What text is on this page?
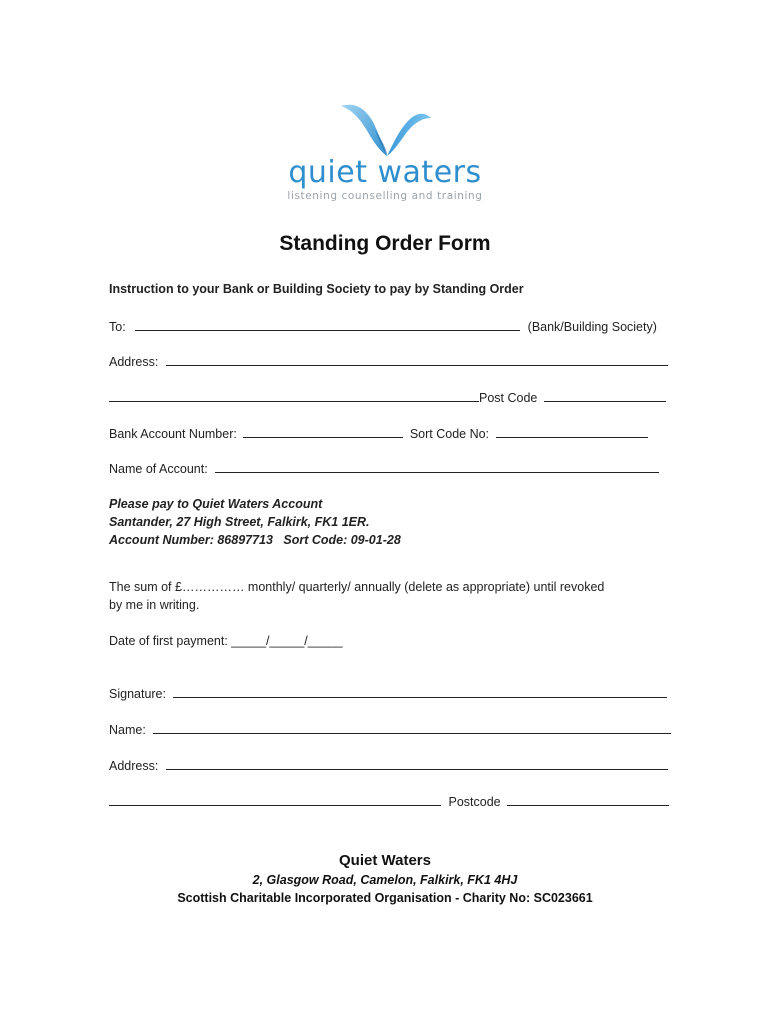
quiet waters
listening counselling and training
Standing Order Form
Instruction to your Bank or Building Society to pay by Standing Order
To:	(Bank/Building Society)
Address:
Post Code
Bank Account Number:	Sort Code No:
Name of Account:
Please pay to Quiet Waters Account
Santander, 27 High Street, Falkirk, FK1 1ER.
Account Number: 86897713   Sort Code: 09-01-28
The sum of £…………… monthly/ quarterly/ annually (delete as appropriate) until revoked
by me in writing.
Date of first payment: _____/_____/_____
Signature:
Name:
Address:
Postcode
Quiet Waters
2, Glasgow Road, Camelon, Falkirk, FK1 4HJ
Scottish Charitable Incorporated Organisation - Charity No: SC023661
